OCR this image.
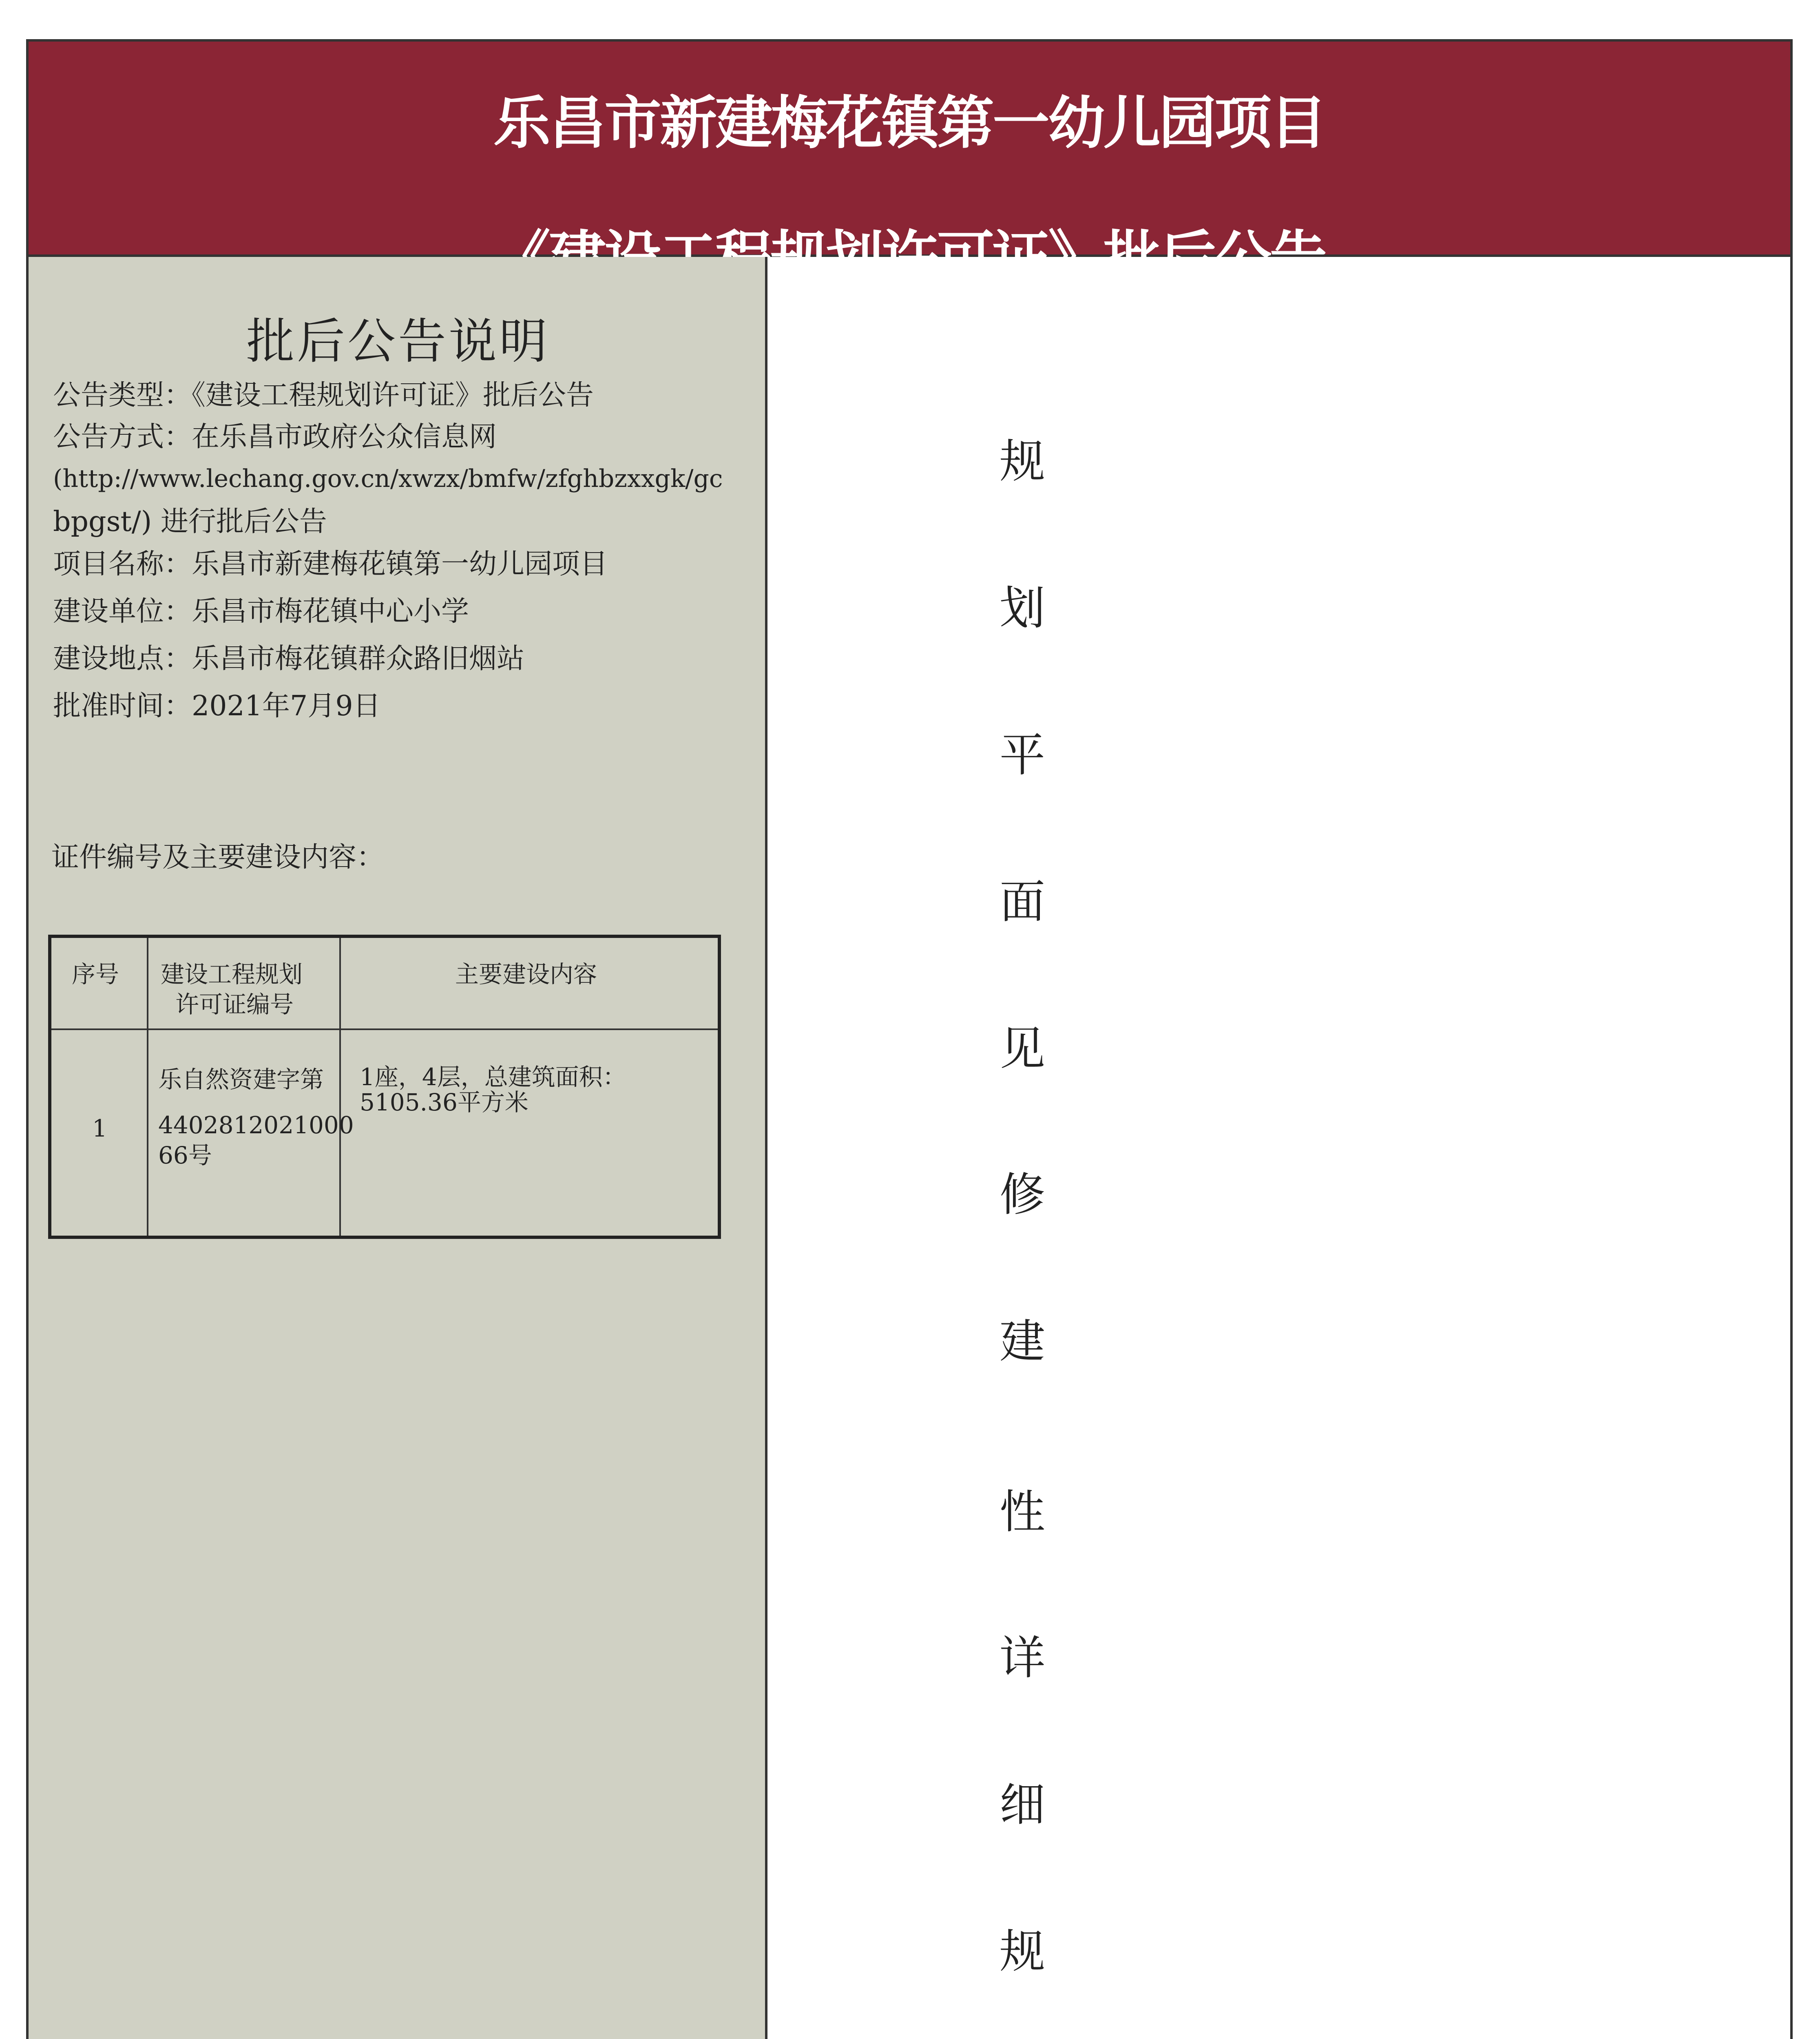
乐昌市新建梅花镇第一幼儿园项目
批后公告说明
公告类型：《建设工程规划许可证》批后公告
公告方式：在乐昌市政府公众信息网
(http://www.lechang.gov.cn/xwzx/bmfw/zfghbzxxgk/gc
bpgst/) 进行批后公告
项目名称：乐昌市新建梅花镇第一幼儿园项目
建设单位：乐昌市梅花镇中心小学
建设地点：乐昌市梅花镇群众路旧烟站
批准时间：2021年7月9日
证件编号及主要建设内容：
序号 建设工程规划
许可证编号
主要建设内容
1
乐自然资建字第
4402812021000
66号
1座，4层，总建筑面积：
5105.36平方米
规
划
平
面
见
修
建
性
详
细
规
